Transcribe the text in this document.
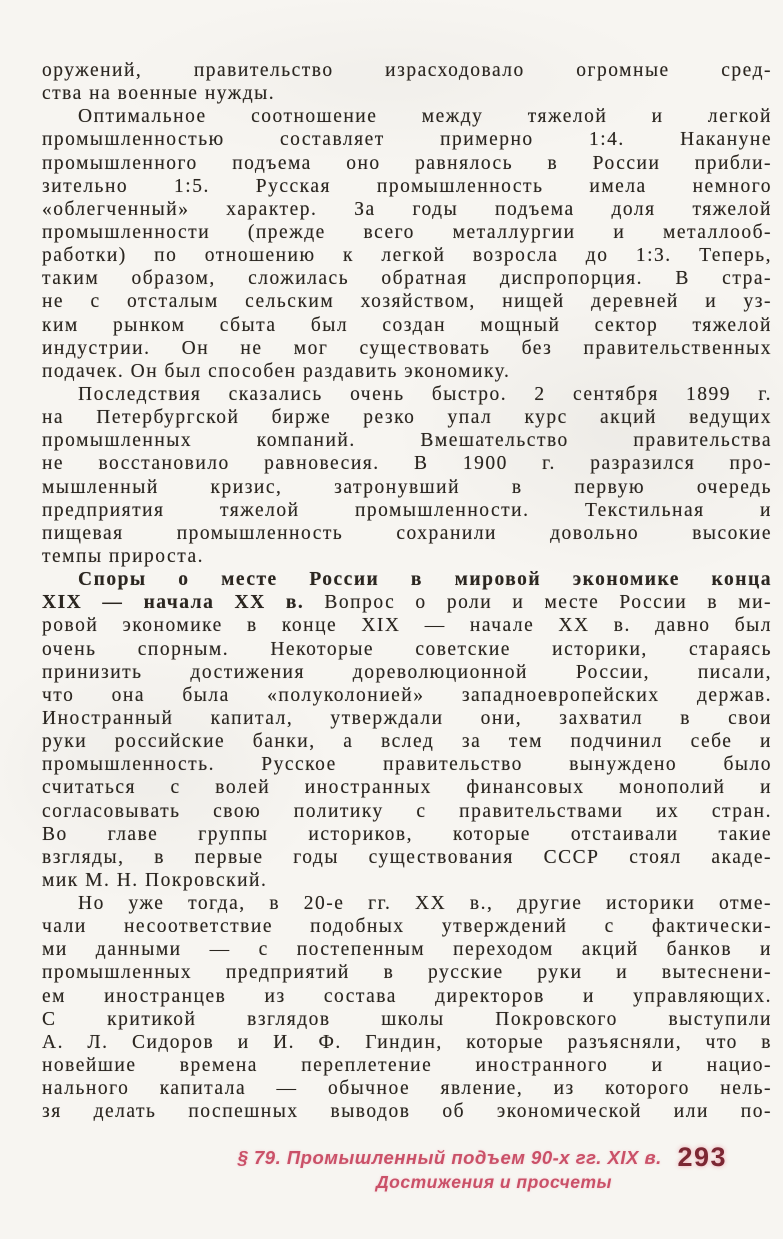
оружений, правительство израсходовало огромные сред-
ства на военные нужды.
Оптимальное соотношение между тяжелой и легкой
промышленностью составляет примерно 1:4. Накануне
промышленного подъема оно равнялось в России прибли-
зительно 1:5. Русская промышленность имела немного
«облегченный» характер. За годы подъема доля тяжелой
промышленности (прежде всего металлургии и металлооб-
работки) по отношению к легкой возросла до 1:3. Теперь,
таким образом, сложилась обратная диспропорция. В стра-
не с отсталым сельским хозяйством, нищей деревней и уз-
ким рынком сбыта был создан мощный сектор тяжелой
индустрии. Он не мог существовать без правительственных
подачек. Он был способен раздавить экономику.
Последствия сказались очень быстро. 2 сентября 1899 г.
на Петербургской бирже резко упал курс акций ведущих
промышленных компаний. Вмешательство правительства
не восстановило равновесия. В 1900 г. разразился про-
мышленный кризис, затронувший в первую очередь
предприятия тяжелой промышленности. Текстильная и
пищевая промышленность сохранили довольно высокие
темпы прироста.
Споры о месте России в мировой экономике конца
XIX — начала XX в. Вопрос о роли и месте России в ми-
ровой экономике в конце XIX — начале XX в. давно был
очень спорным. Некоторые советские историки, стараясь
принизить достижения дореволюционной России, писали,
что она была «полуколонией» западноевропейских держав.
Иностранный капитал, утверждали они, захватил в свои
руки российские банки, а вслед за тем подчинил себе и
промышленность. Русское правительство вынуждено было
считаться с волей иностранных финансовых монополий и
согласовывать свою политику с правительствами их стран.
Во главе группы историков, которые отстаивали такие
взгляды, в первые годы существования СССР стоял акаде-
мик М. Н. Покровский.
Но уже тогда, в 20-е гг. XX в., другие историки отме-
чали несоответствие подобных утверждений с фактически-
ми данными — с постепенным переходом акций банков и
промышленных предприятий в русские руки и вытеснени-
ем иностранцев из состава директоров и управляющих.
С критикой взглядов школы Покровского выступили
А. Л. Сидоров и И. Ф. Гиндин, которые разъясняли, что в
новейшие времена переплетение иностранного и нацио-
нального капитала — обычное явление, из которого нель-
зя делать поспешных выводов об экономической или по-
§ 79. Промышленный подъем 90-х гг. XIX в. 293
Достижения и просчеты
